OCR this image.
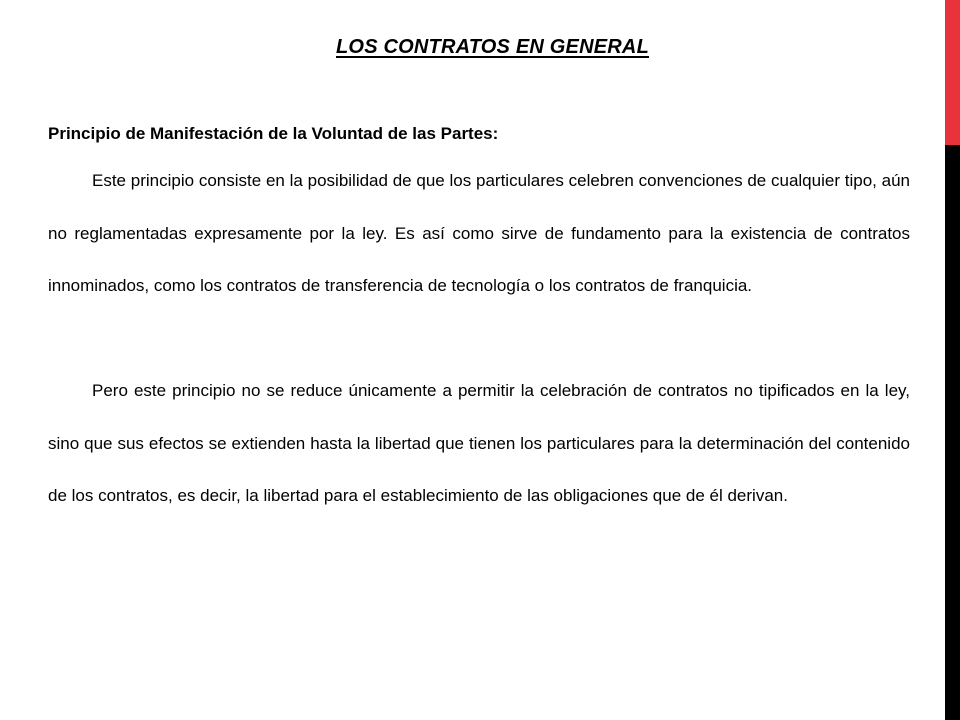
LOS CONTRATOS EN GENERAL
Principio de Manifestación de la Voluntad de las Partes:

Este principio consiste en la posibilidad de que los particulares celebren convenciones de cualquier tipo, aún no reglamentadas expresamente por la ley. Es así como sirve de fundamento para la existencia de contratos innominados, como los contratos de transferencia de tecnología o los contratos de franquicia.

Pero este principio no se reduce únicamente a permitir la celebración de contratos no tipificados en la ley, sino que sus efectos se extienden hasta la libertad que tienen los particulares para la determinación del contenido de los contratos, es decir, la libertad para el establecimiento de las obligaciones que de él derivan.
